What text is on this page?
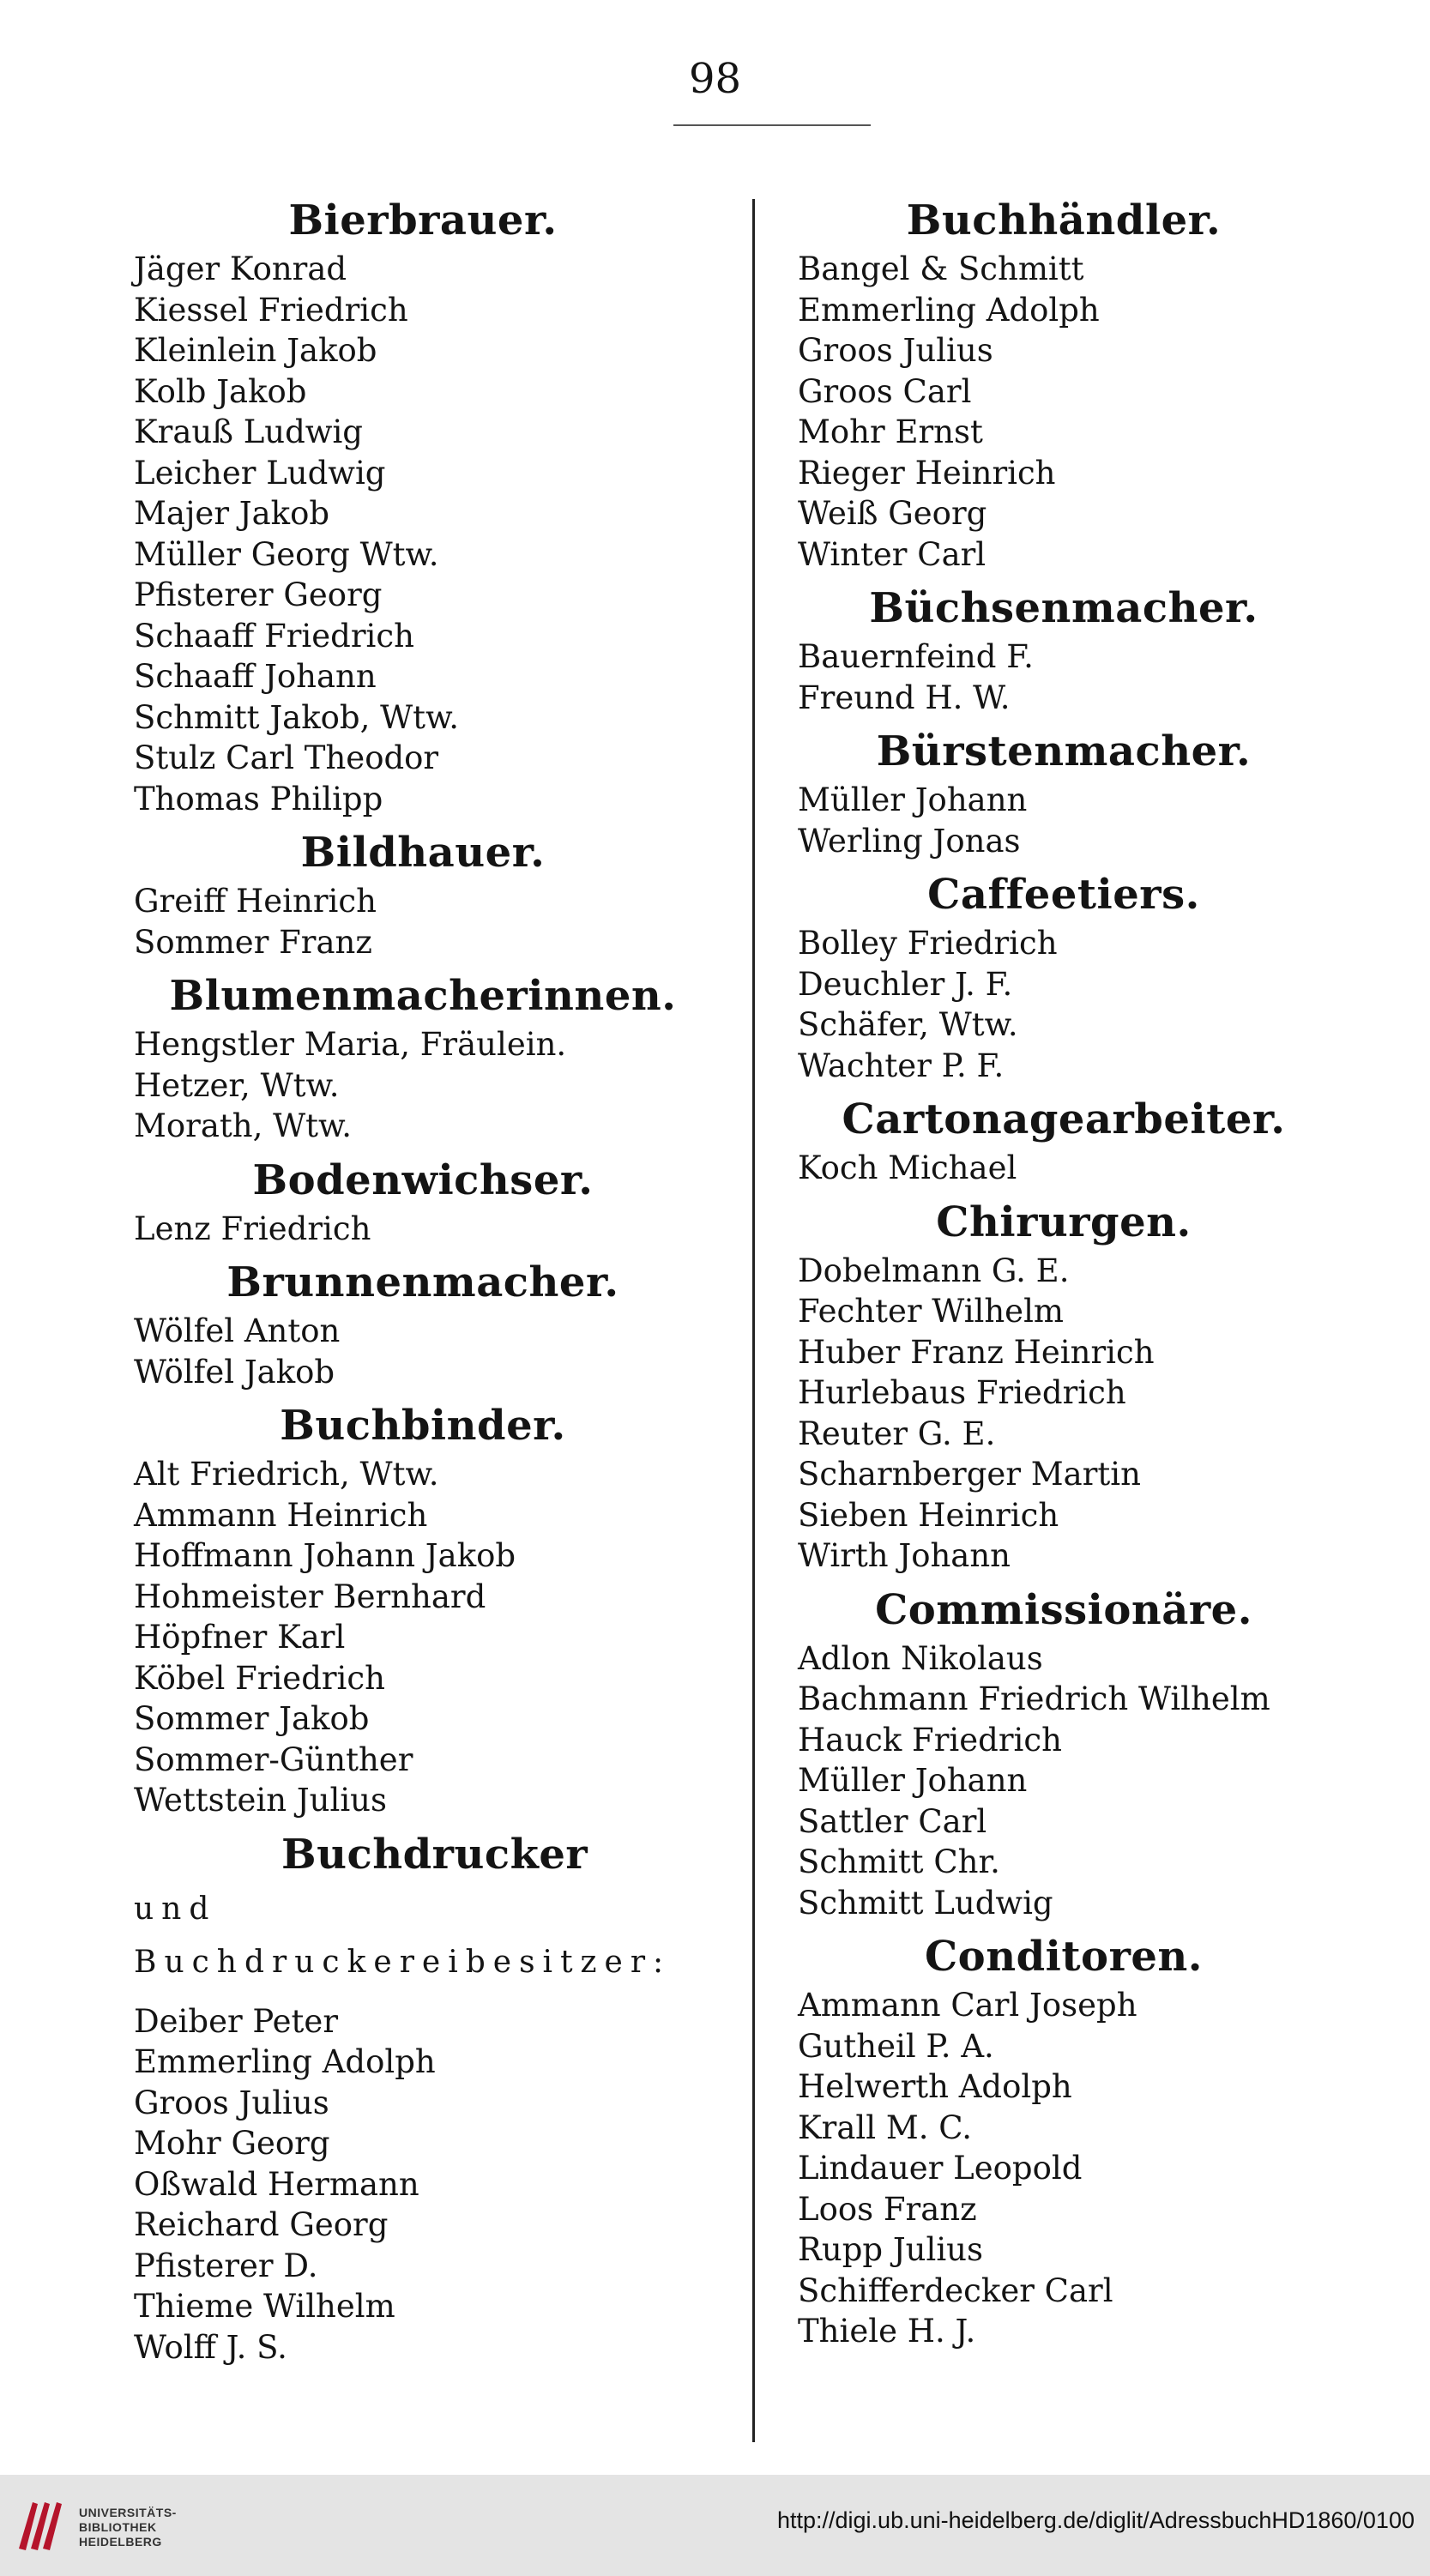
98
Bierbrauer.
Jäger Konrad
Kiessel Friedrich
Kleinlein Jakob
Kolb Jakob
Krauß Ludwig
Leicher Ludwig
Majer Jakob
Müller Georg Wtw.
Pfisterer Georg
Schaaff Friedrich
Schaaff Johann
Schmitt Jakob, Wtw.
Stulz Carl Theodor
Thomas Philipp
Bildhauer.
Greiff Heinrich
Sommer Franz
Blumenmacherinnen.
Hengstler Maria, Fräulein.
Hetzer, Wtw.
Morath, Wtw.
Bodenwichser.
Lenz Friedrich
Brunnenmacher.
Wölfel Anton
Wölfel Jakob
Buchbinder.
Alt Friedrich, Wtw.
Ammann Heinrich
Hoffmann Johann Jakob
Hohmeister Bernhard
Höpfner Karl
Köbel Friedrich
Sommer Jakob
Sommer-Günther
Wettstein Julius
Buchdrucker
und Buchdruckereibesitzer:
Deiber Peter
Emmerling Adolph
Groos Julius
Mohr Georg
Oßwald Hermann
Reichard Georg
Pfisterer D.
Thieme Wilhelm
Wolff J. S.
Buchhändler.
Bangel & Schmitt
Emmerling Adolph
Groos Julius
Groos Carl
Mohr Ernst
Rieger Heinrich
Weiß Georg
Winter Carl
Büchsenmacher.
Bauernfeind F.
Freund H. W.
Bürstenmacher.
Müller Johann
Werling Jonas
Caffeetiers.
Bolley Friedrich
Deuchler J. F.
Schäfer, Wtw.
Wachter P. F.
Cartonagearbeiter.
Koch Michael
Chirurgen.
Dobelmann G. E.
Fechter Wilhelm
Huber Franz Heinrich
Hurlebaus Friedrich
Reuter G. E.
Scharnberger Martin
Sieben Heinrich
Wirth Johann
Commissionäre.
Adlon Nikolaus
Bachmann Friedrich Wilhelm
Hauck Friedrich
Müller Johann
Sattler Carl
Schmitt Chr.
Schmitt Ludwig
Conditoren.
Ammann Carl Joseph
Gutheil P. A.
Helwerth Adolph
Krall M. C.
Lindauer Leopold
Loos Franz
Rupp Julius
Schifferdecker Carl
Thiele H. J.
UNIVERSITÄTS-
BIBLIOTHEK
HEIDELBERG
http://digi.ub.uni-heidelberg.de/diglit/AdressbuchHD1860/0100
